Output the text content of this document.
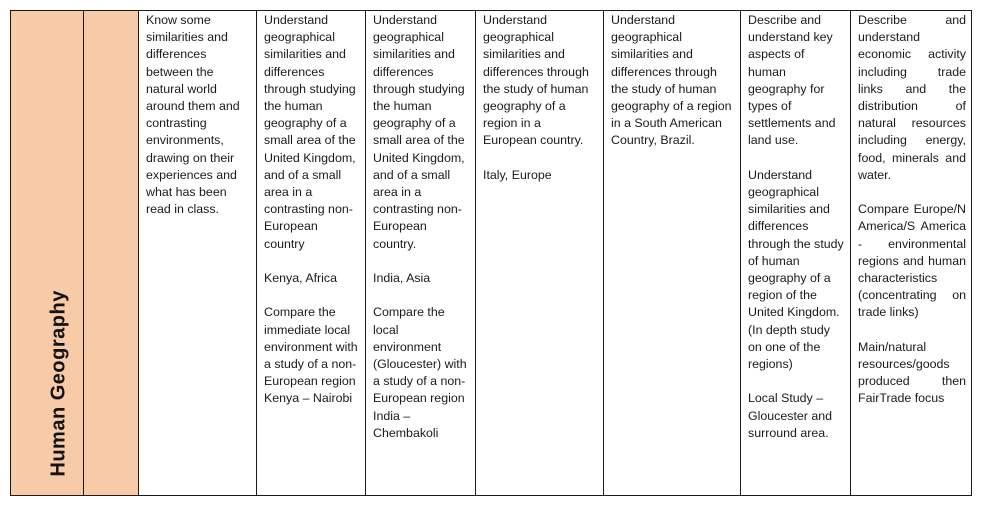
Human Geography

Know some similarities and differences between the natural world around them and contrasting environments, drawing on their experiences and what has been read in class.

Understand geographical similarities and differences through studying the human geography of a small area of the United Kingdom, and of a small area in a contrasting non-European country
Kenya, Africa
Compare the immediate local environment with a study of a non-European region
Kenya – Nairobi

Understand geographical similarities and differences through studying the human geography of a small area of the United Kingdom, and of a small area in a contrasting non-European country.
India, Asia
Compare the local environment (Gloucester) with a study of a non-European region
India – Chembakoli

Understand geographical similarities and differences through the study of human geography of a region in a European country.
Italy, Europe

Understand geographical similarities and differences through the study of human geography of a region in a South American Country, Brazil.

Describe and understand key aspects of human geography for types of settlements and land use.
Understand geographical similarities and differences through the study of human geography of a region of the United Kingdom. (In depth study on one of the regions)
Local Study – Gloucester and surround area.

Describe and understand economic activity including trade links and the distribution of natural resources including energy, food, minerals and water.
Compare Europe/N America/S America - environmental regions and human characteristics (concentrating on trade links)
Main/natural resources/goods produced then FairTrade focus
